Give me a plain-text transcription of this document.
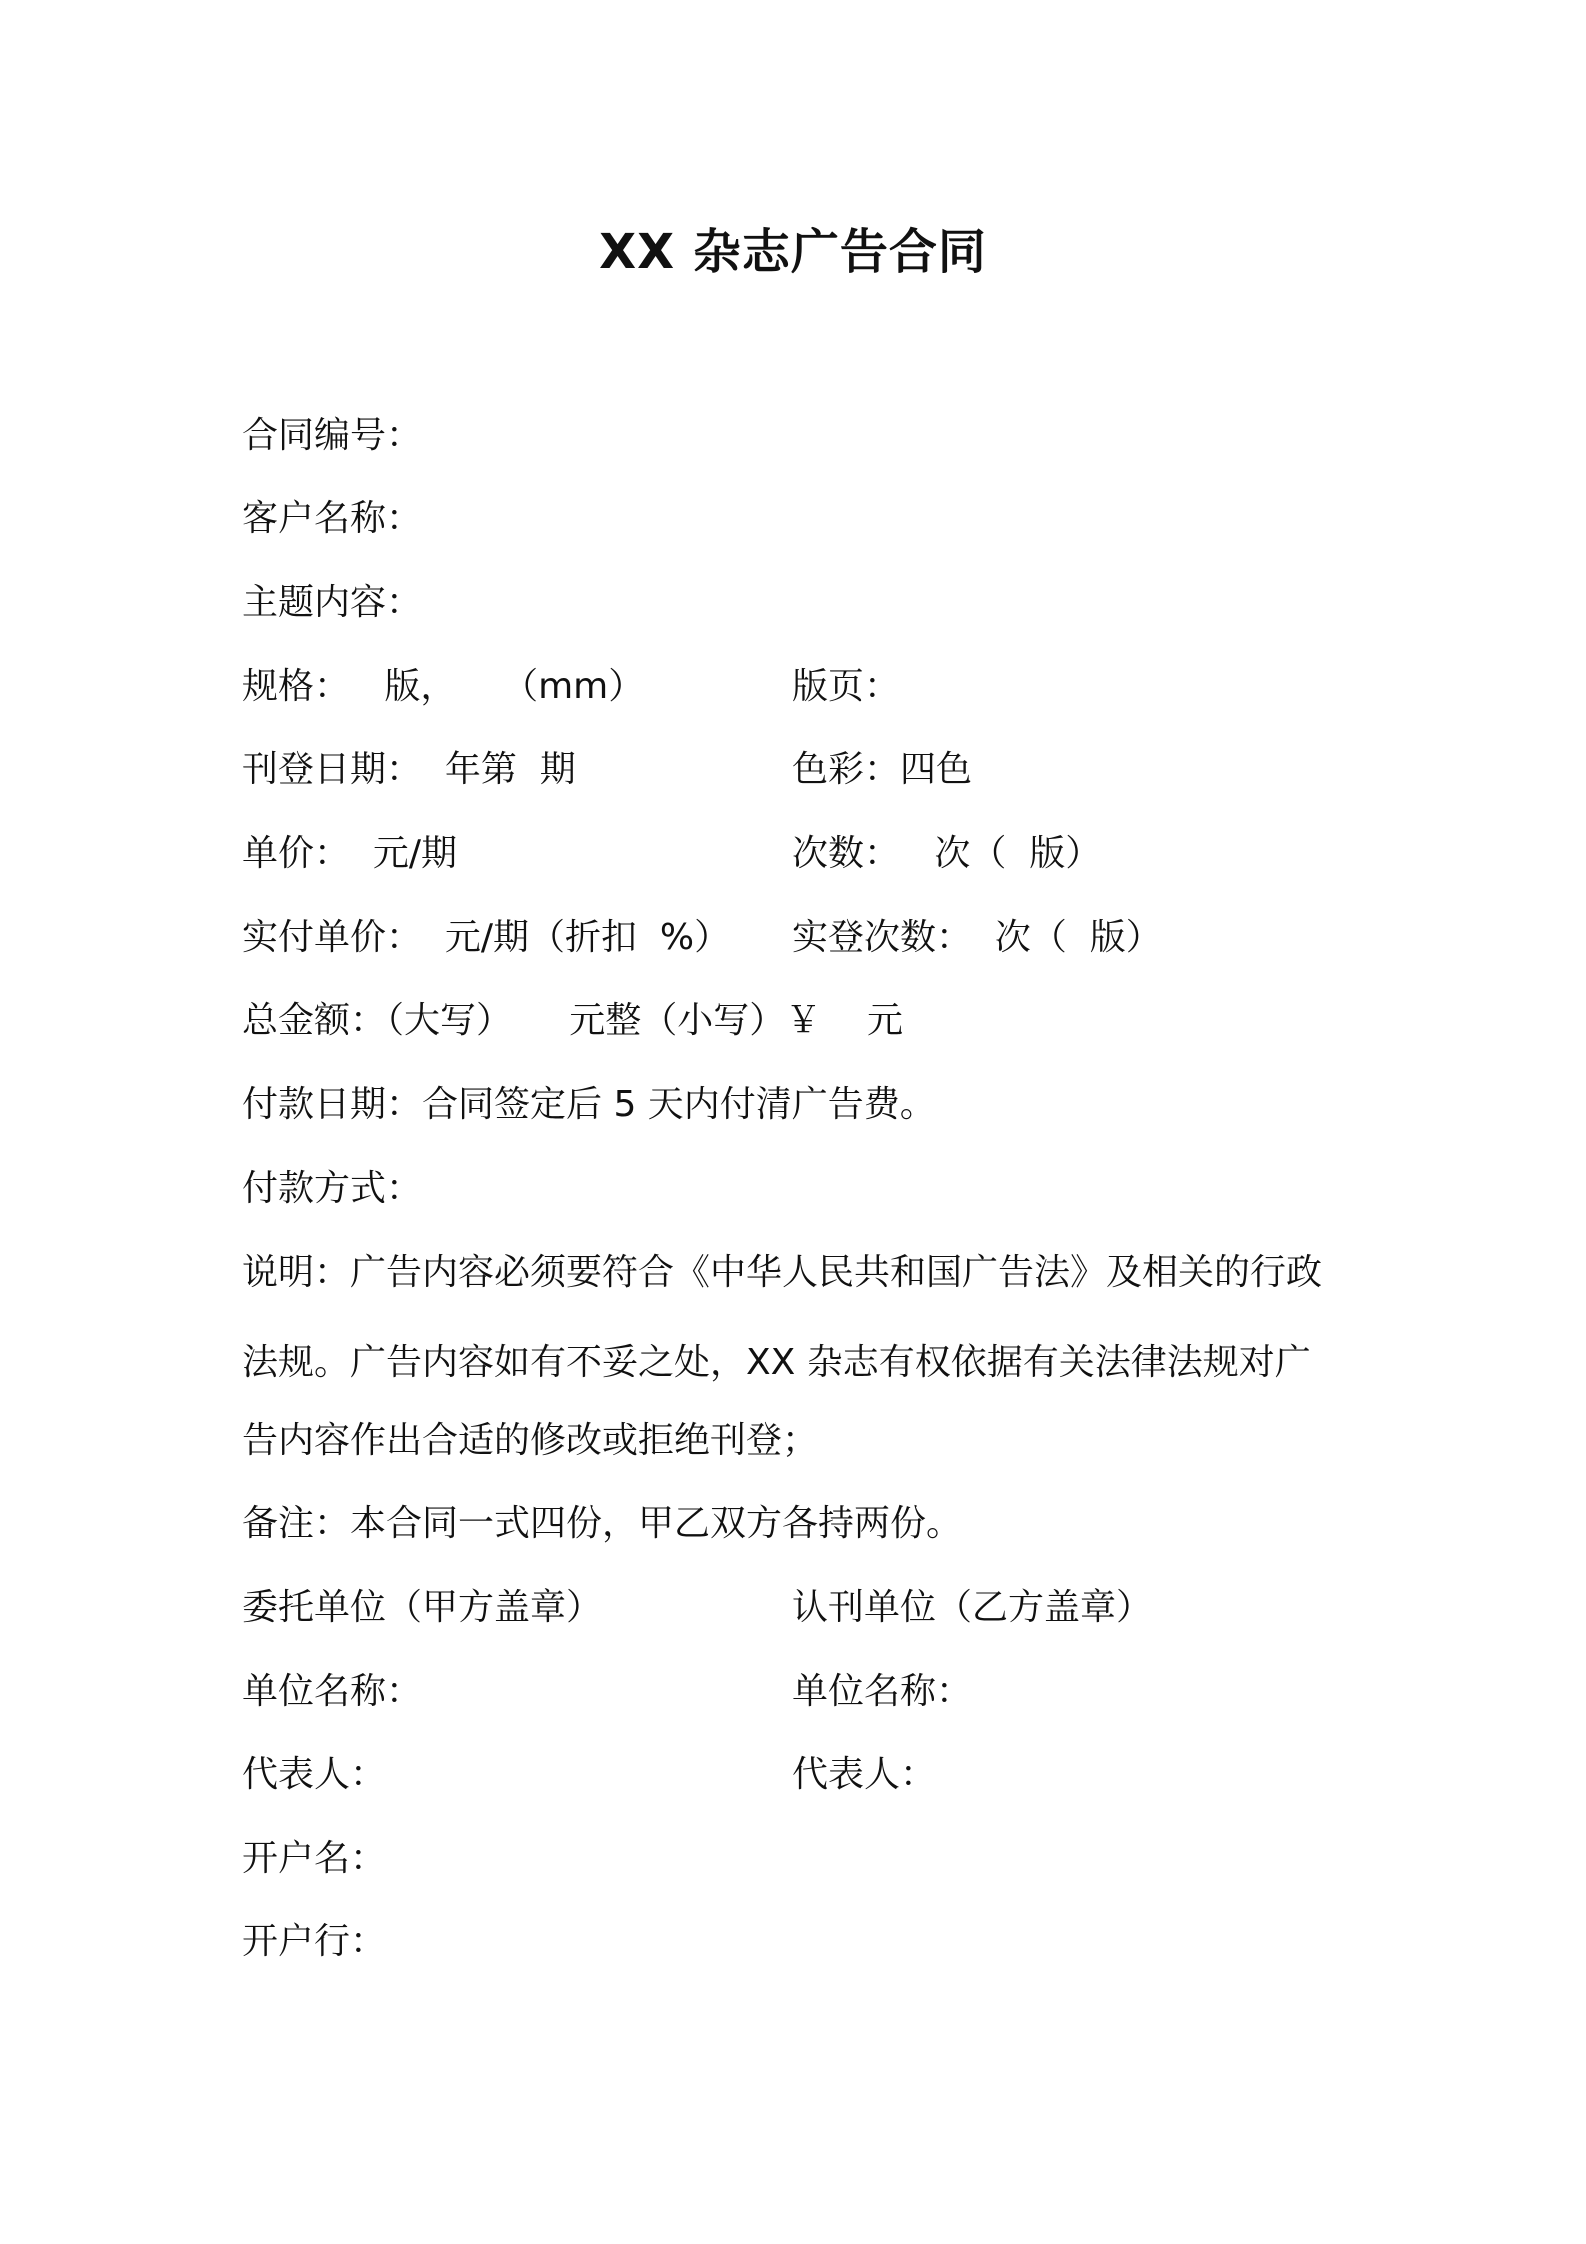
XX 杂志广告合同
合同编号：
客户名称：
主题内容：
规格：   版，    （mm）	版页：
刊登日期：  年第  期	色彩：四色
单价：  元/期	次数：   次（  版）
实付单价：  元/期（折扣  %） 实登次数：  次（  版）
总金额：（大写）     元整（小写）￥    元
付款日期：合同签定后 5 天内付清广告费。
付款方式：
说明：广告内容必须要符合《中华人民共和国广告法》及相关的行政
法规。广告内容如有不妥之处，XX 杂志有权依据有关法律法规对广
告内容作出合适的修改或拒绝刊登；
备注：本合同一式四份，甲乙双方各持两份。
委托单位（甲方盖章）	认刊单位（乙方盖章）
单位名称：	单位名称：
代表人：	代表人：
开户名：
开户行：
